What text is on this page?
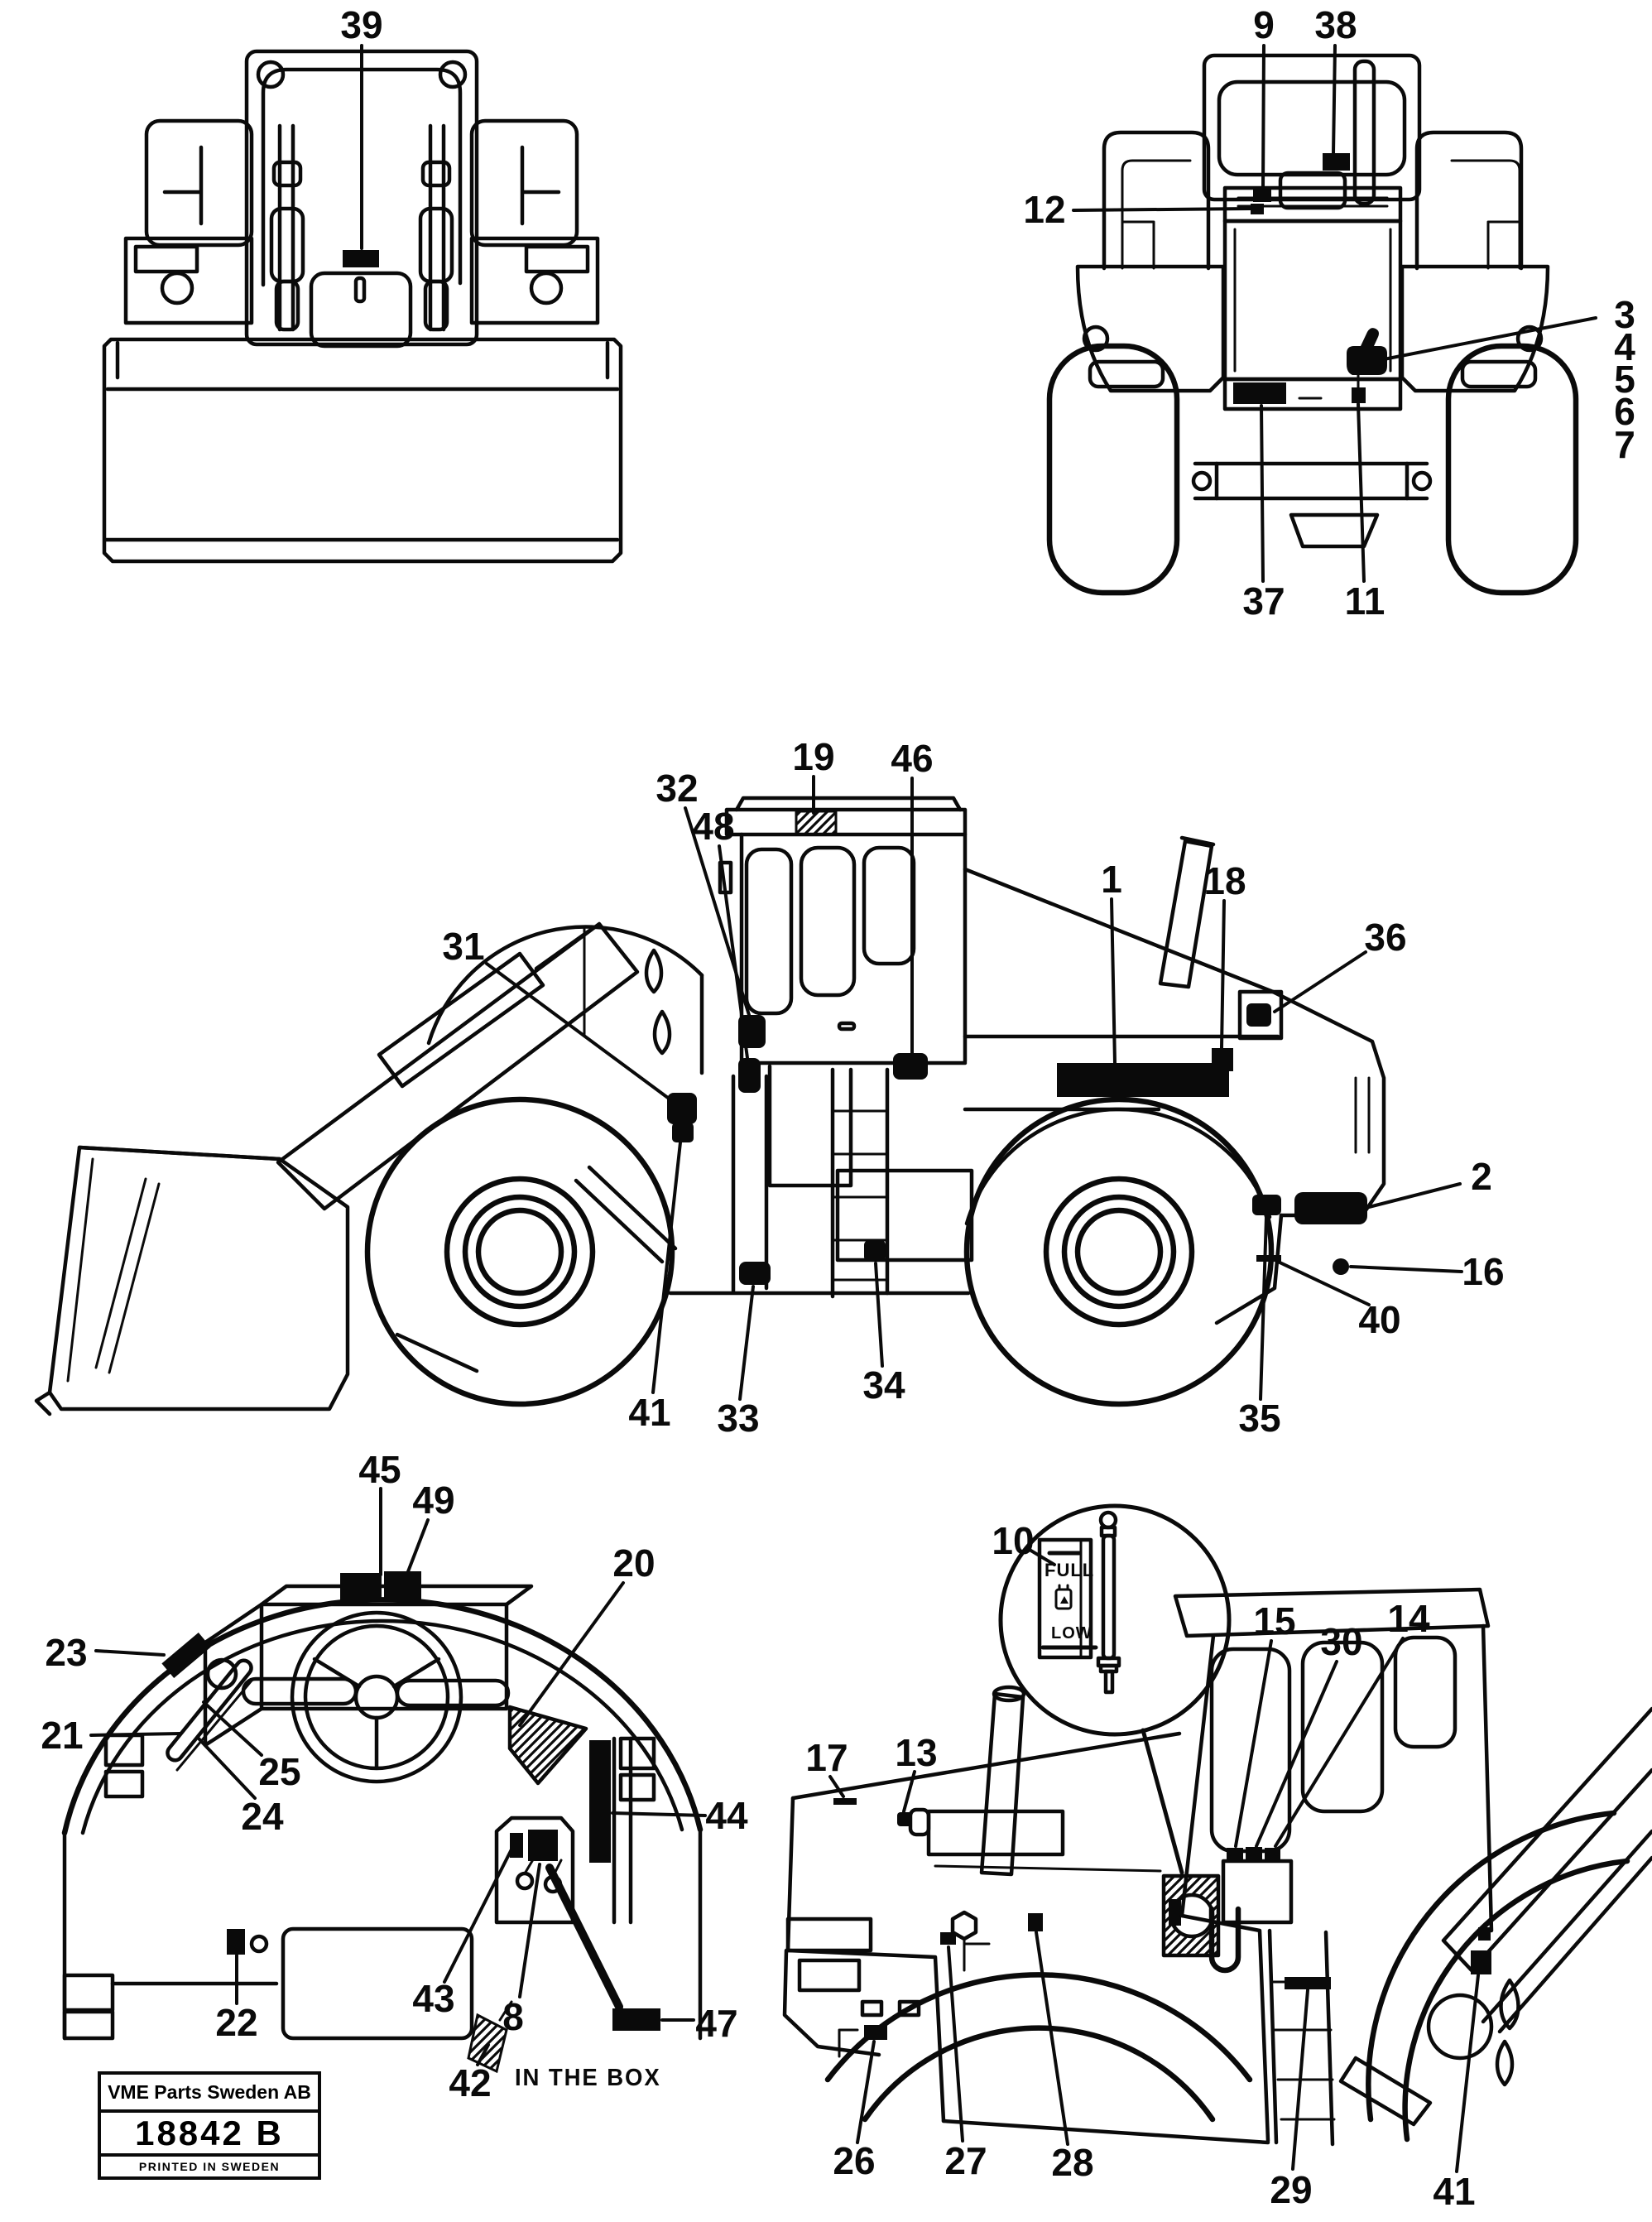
39	9 38
12
3
4
5
6
7
37 11
19 46
32
48
31
1 18
36
2
16
40
35
34
33
41
45
49
20
23
21
25
24	44
22
43 8
42
47
10
17 13
15 30
14
26 27 28
29	41
FULL
LOW
IN THE BOX
VME Parts Sweden AB
18842 B
PRINTED IN SWEDEN
